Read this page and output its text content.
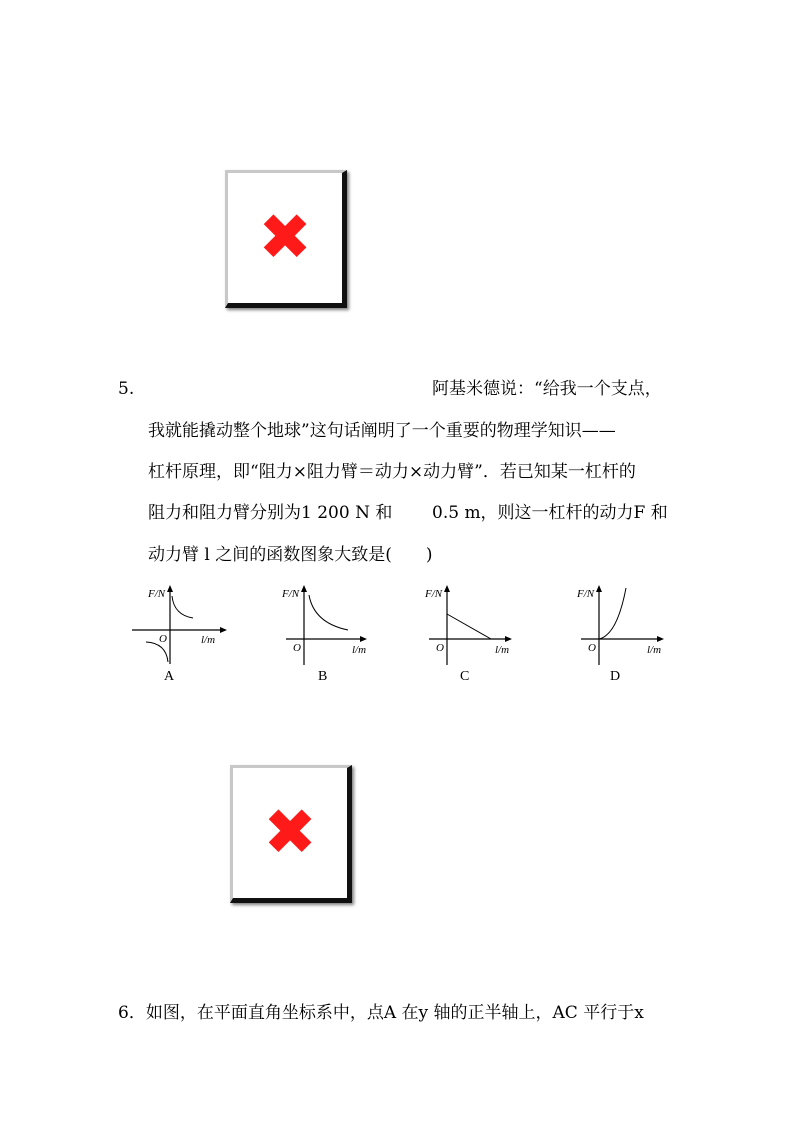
✖
5.	阿基米德说：“给我一个支点，
我就能撬动整个地球”这句话阐明了一个重要的物理学知识——
杠杆原理，即“阻力×阻力臂＝动力×动力臂”．若已知某一杠杆的
阻力和阻力臂分别为1 200 N 和 0.5 m，则这一杠杆的动力F 和
动力臂 l 之间的函数图象大致是(　　)
F/N
l/m
O
A
F/N
l/m
O
B
F/N
l/m
O
C
F/N
l/m
O
D
✖
6．如图，在平面直角坐标系中，点A 在y 轴的正半轴上，AC 平行于x
